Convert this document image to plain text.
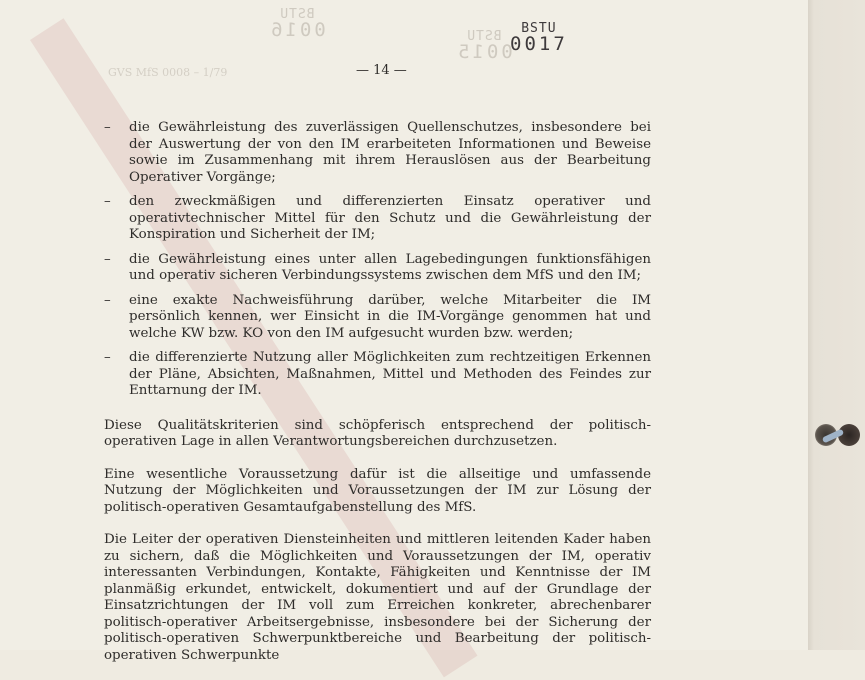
BSTU
0016	BSTU
0015
GVS MfS 0008 – 1/79
BSTU
0017
— 14 —
– die Gewährleistung des zuverlässigen Quellenschutzes, insbesondere bei der Auswertung der von den IM erarbeiteten Informationen und Beweise sowie im Zusammenhang mit ihrem Herauslösen aus der Bearbeitung Operativer Vorgänge;
– den zweckmäßigen und differenzierten Einsatz operativer und operativtechnischer Mittel für den Schutz und die Gewährleistung der Konspiration und Sicherheit der IM;
– die Gewährleistung eines unter allen Lagebedingungen funktionsfähigen und operativ sicheren Verbindungssystems zwischen dem MfS und den IM;
– eine exakte Nachweisführung darüber, welche Mitarbeiter die IM persönlich kennen, wer Einsicht in die IM-Vorgänge genommen hat und welche KW bzw. KO von den IM aufgesucht wurden bzw. werden;
– die differenzierte Nutzung aller Möglichkeiten zum rechtzeitigen Erkennen der Pläne, Absichten, Maßnahmen, Mittel und Methoden des Feindes zur Enttarnung der IM.

Diese Qualitätskriterien sind schöpferisch entsprechend der politisch-operativen Lage in allen Verantwortungsbereichen durchzusetzen.

Eine wesentliche Voraussetzung dafür ist die allseitige und umfassende Nutzung der Möglichkeiten und Voraussetzungen der IM zur Lösung der politisch-operativen Gesamtaufgabenstellung des MfS.

Die Leiter der operativen Diensteinheiten und mittleren leitenden Kader haben zu sichern, daß die Möglichkeiten und Voraussetzungen der IM, operativ interessanten Verbindungen, Kontakte, Fähigkeiten und Kenntnisse der IM planmäßig erkundet, entwickelt, dokumentiert und auf der Grundlage der Einsatzrichtungen der IM voll zum Erreichen konkreter, abrechenbarer politisch-operativer Arbeitsergebnisse, insbesondere bei der Sicherung der politisch-operativen Schwerpunktbereiche und Bearbeitung der politisch-operativen Schwerpunkte
